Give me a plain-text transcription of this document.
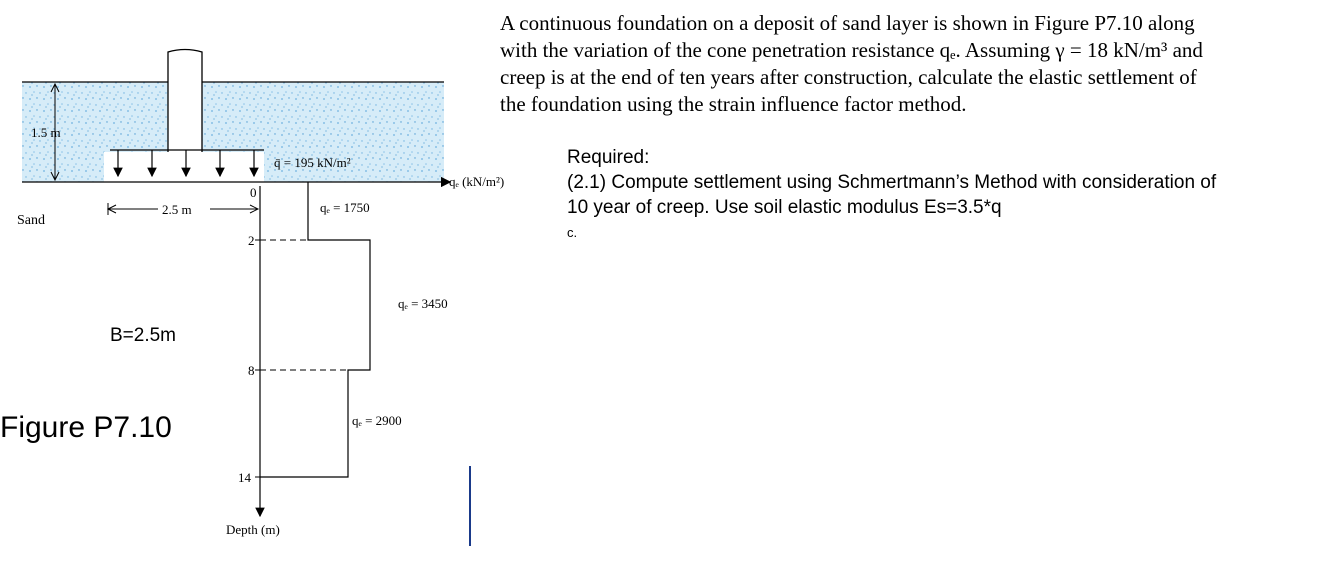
A continuous foundation on a deposit of sand layer is shown in Figure P7.10 along
with the variation of the cone penetration resistance qₑ. Assuming γ = 18 kN/m³ and
creep is at the end of ten years after construction, calculate the elastic settlement of
the foundation using the strain influence factor method.
Required:
(2.1) Compute settlement using Schmertmann’s Method with consideration of
10 year of creep. Use soil elastic modulus Es=3.5*q
c.
1.5 m
2.5 m
q̄ = 195 kN/m²
qₑ (kN/m²)
Sand
0
2
8
14
qₑ = 1750
qₑ = 3450
qₑ = 2900
Depth (m)
B=2.5m
Figure P7.10
